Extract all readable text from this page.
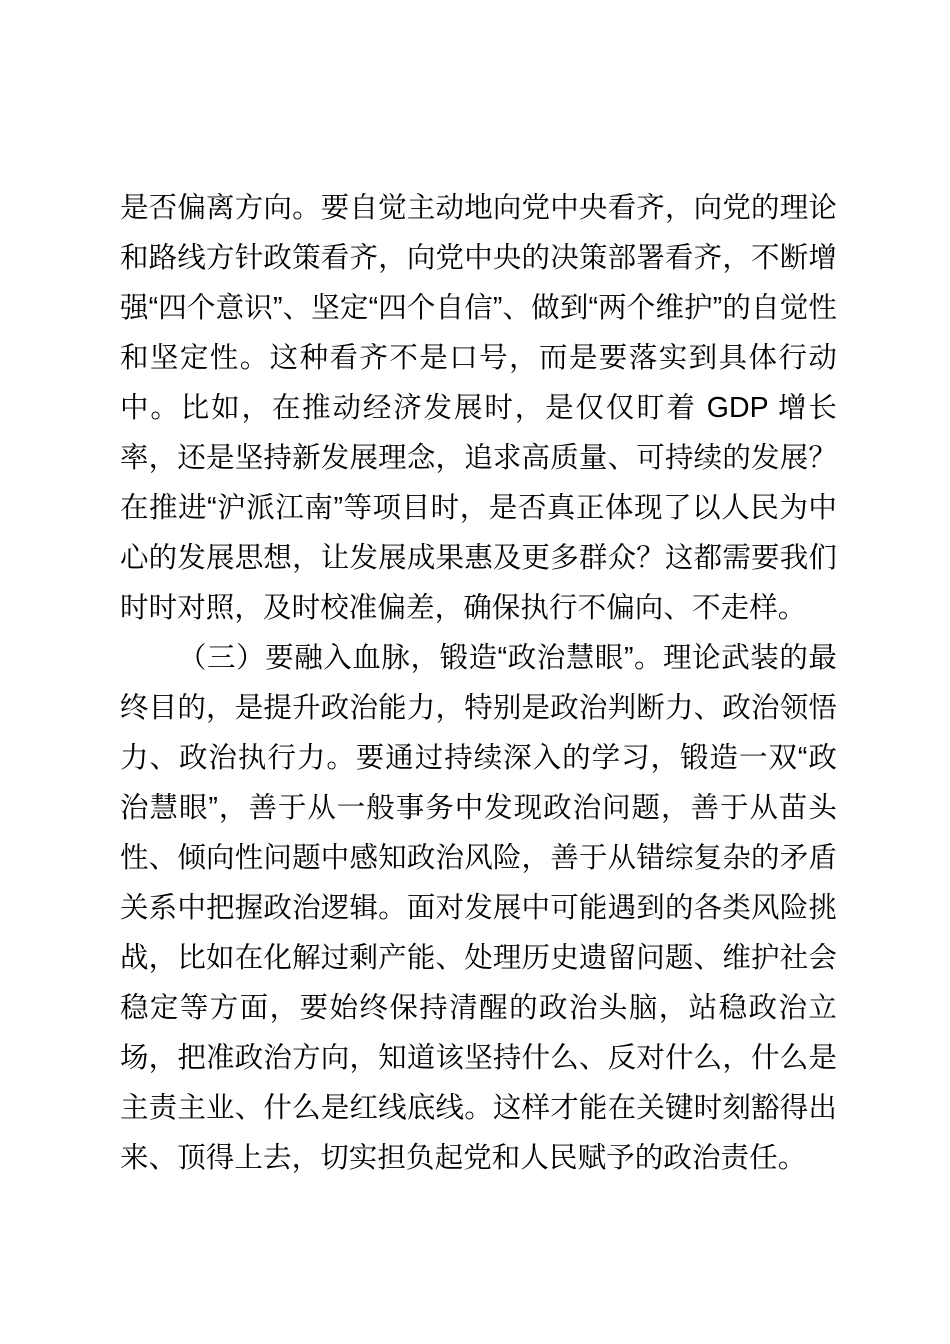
是否偏离方向。要自觉主动地向党中央看齐，向党的理论和路线方针政策看齐，向党中央的决策部署看齐，不断增强“四个意识”、坚定“四个自信”、做到“两个维护”的自觉性和坚定性。这种看齐不是口号，而是要落实到具体行动中。比如，在推动经济发展时，是仅仅盯着 GDP 增长率，还是坚持新发展理念，追求高质量、可持续的发展？在推进“沪派江南”等项目时，是否真正体现了以人民为中心的发展思想，让发展成果惠及更多群众？这都需要我们时时对照，及时校准偏差，确保执行不偏向、不走样。

（三）要融入血脉，锻造“政治慧眼”。理论武装的最终目的，是提升政治能力，特别是政治判断力、政治领悟力、政治执行力。要通过持续深入的学习，锻造一双“政治慧眼”，善于从一般事务中发现政治问题，善于从苗头性、倾向性问题中感知政治风险，善于从错综复杂的矛盾关系中把握政治逻辑。面对发展中可能遇到的各类风险挑战，比如在化解过剩产能、处理历史遗留问题、维护社会稳定等方面，要始终保持清醒的政治头脑，站稳政治立场，把准政治方向，知道该坚持什么、反对什么，什么是主责主业、什么是红线底线。这样才能在关键时刻豁得出来、顶得上去，切实担负起党和人民赋予的政治责任。
